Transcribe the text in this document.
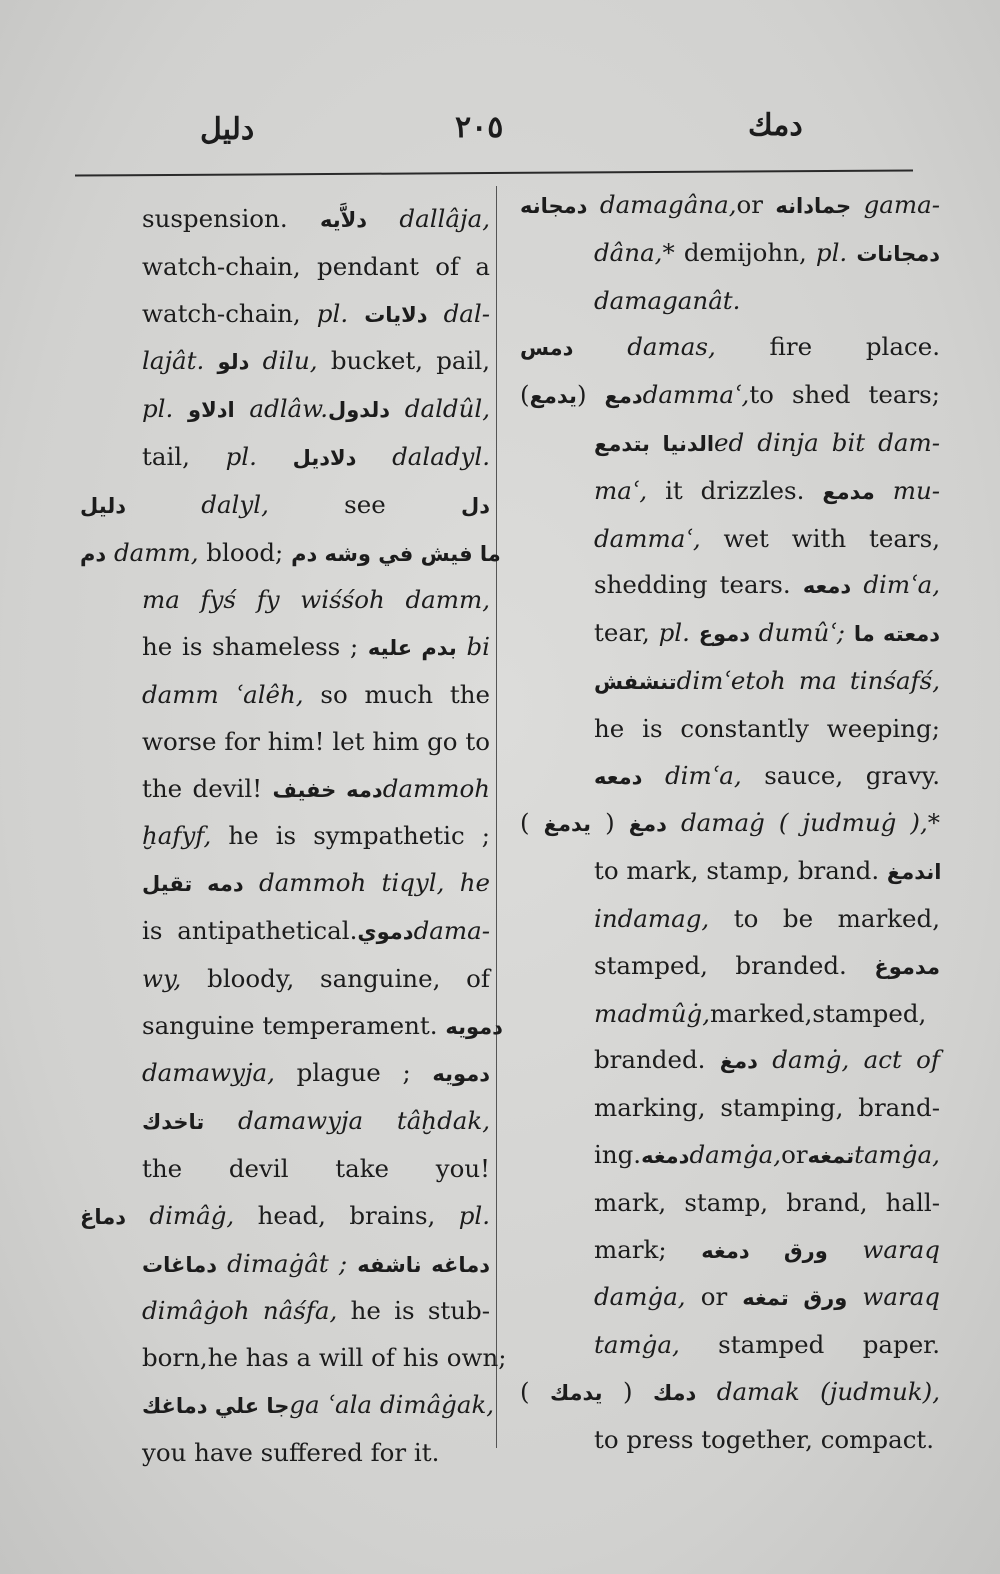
دليل	٢٠٥	دمك
suspension. دلاَّيه dallâja,
watch-chain, pendant of a
watch-chain, pl. دلايات dal-
lajât. دلو dilu, bucket, pail,
pl. ادلاو adlâw.دلدول daldûl,
tail, pl. دلاديل daladyl.
دليل dalyl, see دل
دم damm, blood; ما فيش في وشه دم
ma fyś fy wiśśoh damm,
he is shameless ; بدم عليه bi
damm ʿalêh, so much the
worse for him! let him go to
the devil! دمه خفيفdammoh
ḫafyf, he is sympathetic ;
دمه تقيل dammoh tiqyl, he
is antipathetical.دمويdama-
wy, bloody, sanguine, of
sanguine temperament. دمويه
damawyja, plague ; دمويه
تاخدك damawyja tâḫdak,
the devil take you!
دماغ dimâġ, head, brains, pl.
دماغات dimaġât ; دماغه ناشفه
dimâġoh nâśfa, he is stub-
born,he has a will of his own;
جا علي دماغكga ʿala dimâġak,
you have suffered for it.
دمجانه damagâna,or جمادانه gama-
dâna,* demijohn, pl. دمجانات
damaganât.
دمس damas, fire place.
دمع (يدمع)	dammaʿ,to shed tears;
الدنيا بتدمعed dinja bit dam-
maʿ, it drizzles. مدمع mu-
dammaʿ, wet with tears,
shedding tears. دمعه dimʿa,
tear, pl. دموع dumûʿ; دمعته ما
تنشفشdimʿetoh ma tinśafś,
he is constantly weeping;
دمعه dimʿa, sauce, gravy.
دمغ ( يدمغ ) damaġ ( judmuġ ),*
to mark, stamp, brand. اندمغ
indamag, to be marked,
stamped, branded. مدموغ
madmûġ,marked,stamped,
branded. دمغ damġ, act of
marking, stamping, brand-
ing.دمغهdamġa,orتمغهtamġa,
mark, stamp, brand, hall-
mark; ورق دمغه waraq
damġa, or ورق تمغه waraq
tamġa, stamped paper.
دمك ( يدمك ) damak (judmuk),
to press together, compact.
